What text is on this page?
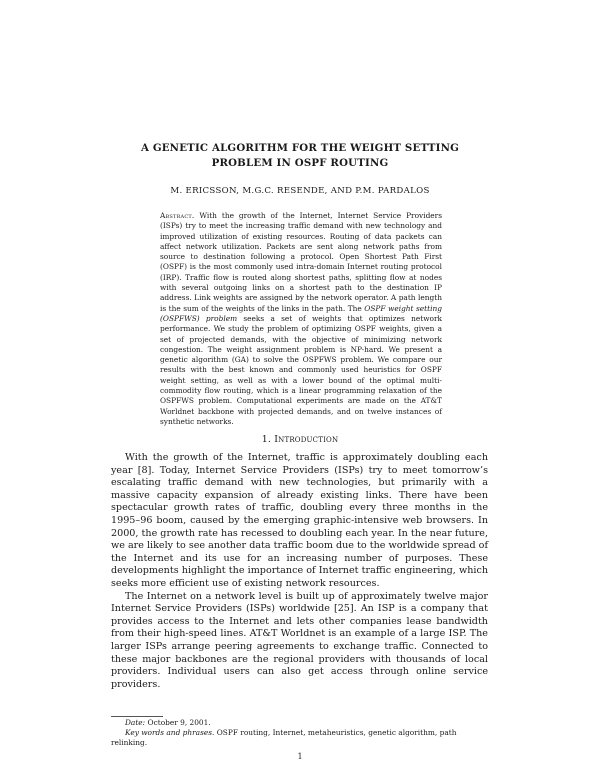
A GENETIC ALGORITHM FOR THE WEIGHT SETTING
PROBLEM IN OSPF ROUTING
M. ERICSSON, M.G.C. RESENDE, AND P.M. PARDALOS
Abstract. With the growth of the Internet, Internet Service Providers (ISPs) try to meet the increasing traffic demand with new technology and improved utilization of existing resources. Routing of data packets can affect network utilization. Packets are sent along network paths from source to destination following a protocol. Open Shortest Path First (OSPF) is the most commonly used intra-domain Internet routing protocol (IRP). Traffic flow is routed along shortest paths, splitting flow at nodes with several outgoing links on a shortest path to the destination IP address. Link weights are assigned by the network operator. A path length is the sum of the weights of the links in the path. The OSPF weight setting (OSPFWS) problem seeks a set of weights that optimizes network performance. We study the problem of optimizing OSPF weights, given a set of projected demands, with the objective of minimizing network congestion. The weight assignment problem is NP-hard. We present a genetic algorithm (GA) to solve the OSPFWS problem. We compare our results with the best known and commonly used heuristics for OSPF weight setting, as well as with a lower bound of the optimal multi-commodity flow routing, which is a linear programming relaxation of the OSPFWS problem. Computational experiments are made on the AT&T Worldnet backbone with projected demands, and on twelve instances of synthetic networks.
1. Introduction

With the growth of the Internet, traffic is approximately doubling each year [8]. Today, Internet Service Providers (ISPs) try to meet tomorrow’s escalating traffic demand with new technologies, but primarily with a massive capacity expansion of already existing links. There have been spectacular growth rates of traffic, doubling every three months in the 1995–96 boom, caused by the emerging graphic-intensive web browsers. In 2000, the growth rate has recessed to doubling each year. In the near future, we are likely to see another data traffic boom due to the worldwide spread of the Internet and its use for an increasing number of purposes. These developments highlight the importance of Internet traffic engineering, which seeks more efficient use of existing network resources.

The Internet on a network level is built up of approximately twelve major Internet Service Providers (ISPs) worldwide [25]. An ISP is a company that provides access to the Internet and lets other companies lease bandwidth from their high-speed lines. AT&T Worldnet is an example of a large ISP. The larger ISPs arrange peering agreements to exchange traffic. Connected to these major backbones are the regional providers with thousands of local providers. Individual users can also get access through online service providers.

Date: October 9, 2001.

Key words and phrases. OSPF routing, Internet, metaheuristics, genetic algorithm, path relinking.

1
